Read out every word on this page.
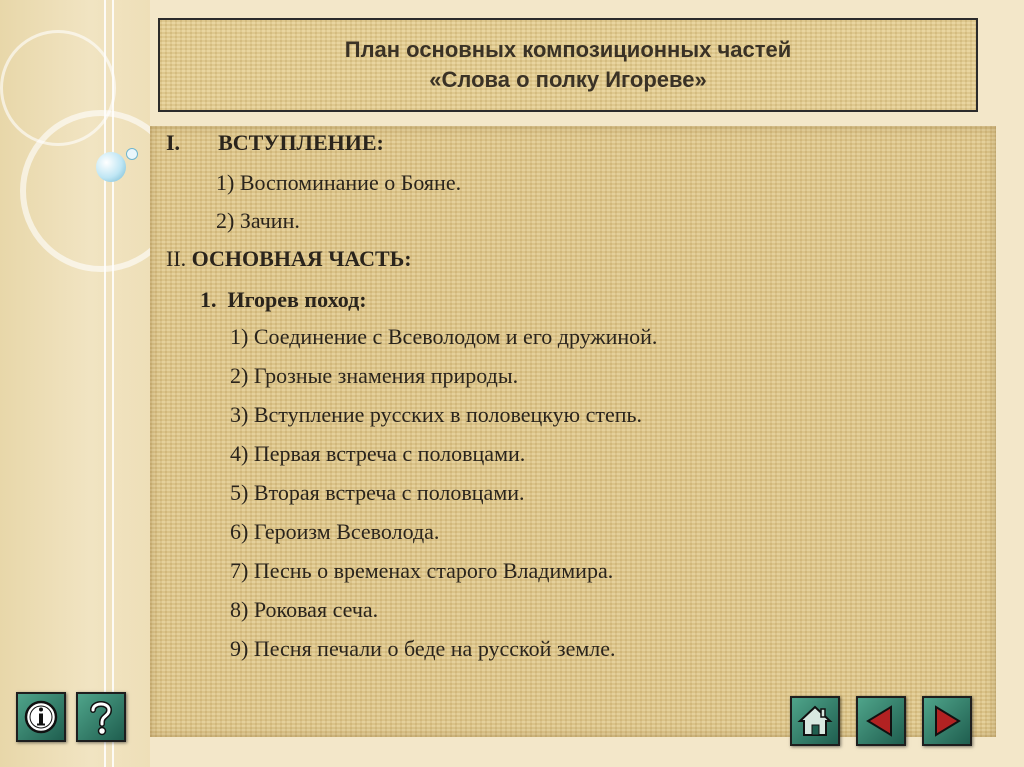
План основных композиционных частей
«Слова о полку Игореве»
I. ВСТУПЛЕНИЕ:
1) Воспоминание о Бояне.
2) Зачин.
II. ОСНОВНАЯ ЧАСТЬ:
1. Игорев поход:
1) Соединение с Всеволодом и его дружиной.
2) Грозные знамения природы.
3) Вступление русских в половецкую степь.
4) Первая встреча с половцами.
5) Вторая встреча с половцами.
6) Героизм Всеволода.
7) Песнь о временах старого Владимира.
8) Роковая сеча.
9) Песня печали о беде на русской земле.
